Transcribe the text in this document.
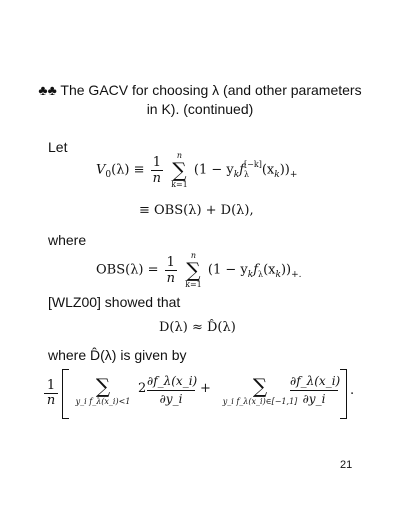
♣♣ The GACV for choosing λ (and other parameters
in K). (continued)
Let
$V_0(\lambda) \equiv \frac{1}{n}$
	n
∑
k=1
($1 - y_kf$ [−k]
λ $(x_k))_+$
≡ OBS(λ) + D(λ),
where
$OBS(\lambda) = \frac{1}{n}$
	n
∑
k=1
$(1 - y_kf_\lambda(x_k))_{+.}$
[WLZ00] showed that
D(λ) ≈ D̂(λ)
where D̂(λ) is given by
1
n
∑
y_i f_λ(x_i)<1
2 ∂f_λ(x_i)
∂y_i
+	∑
y_i f_λ(x_i)∈[−1,1]
∂f_λ(x_i)
∂y_i
.
21
